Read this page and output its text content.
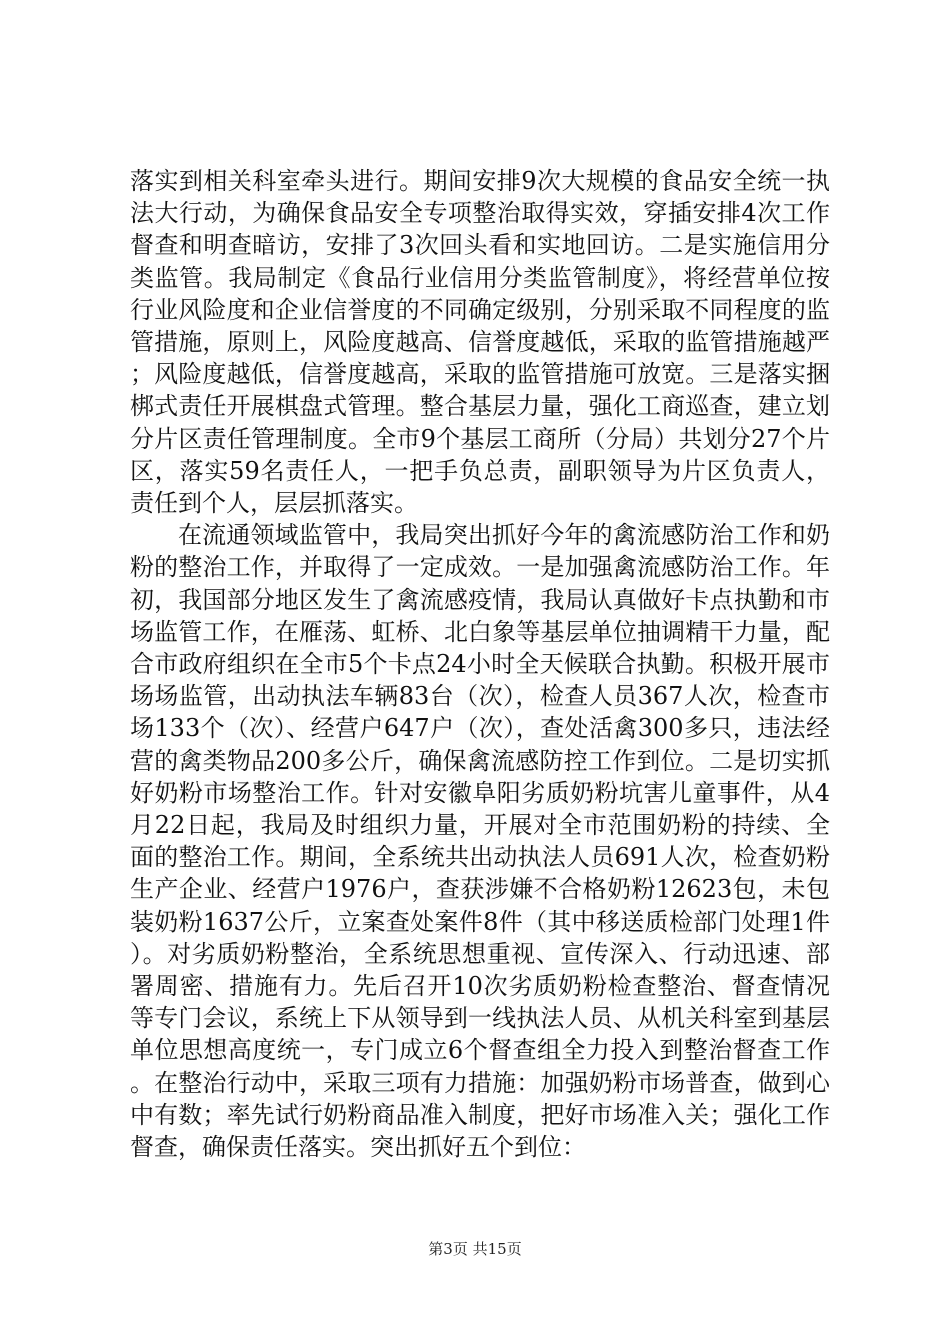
落实到相关科室牵头进行。期间安排9次大规模的食品安全统一执法大行动，为确保食品安全专项整治取得实效，穿插安排4次工作督查和明查暗访，安排了3次回头看和实地回访。二是实施信用分类监管。我局制定《食品行业信用分类监管制度》，将经营单位按行业风险度和企业信誉度的不同确定级别，分别采取不同程度的监管措施，原则上，风险度越高、信誉度越低，采取的监管措施越严；风险度越低，信誉度越高，采取的监管措施可放宽。三是落实捆梆式责任开展棋盘式管理。整合基层力量，强化工商巡查，建立划分片区责任管理制度。全市9个基层工商所（分局）共划分27个片区，落实59名责任人，一把手负总责，副职领导为片区负责人，责任到个人，层层抓落实。

在流通领域监管中，我局突出抓好今年的禽流感防治工作和奶粉的整治工作，并取得了一定成效。一是加强禽流感防治工作。年初，我国部分地区发生了禽流感疫情，我局认真做好卡点执勤和市场监管工作，在雁荡、虹桥、北白象等基层单位抽调精干力量，配合市政府组织在全市5个卡点24小时全天候联合执勤。积极开展市场场监管，出动执法车辆83台（次），检查人员367人次，检查市场133个（次）、经营户647户（次），查处活禽300多只，违法经营的禽类物品200多公斤，确保禽流感防控工作到位。二是切实抓好奶粉市场整治工作。针对安徽阜阳劣质奶粉坑害儿童事件，从4月22日起，我局及时组织力量，开展对全市范围奶粉的持续、全面的整治工作。期间，全系统共出动执法人员691人次，检查奶粉生产企业、经营户1976户，查获涉嫌不合格奶粉12623包，未包装奶粉1637公斤，立案查处案件8件（其中移送质检部门处理1件）。对劣质奶粉整治，全系统思想重视、宣传深入、行动迅速、部署周密、措施有力。先后召开10次劣质奶粉检查整治、督查情况等专门会议，系统上下从领导到一线执法人员、从机关科室到基层单位思想高度统一，专门成立6个督查组全力投入到整治督查工作。在整治行动中，采取三项有力措施：加强奶粉市场普查，做到心中有数；率先试行奶粉商品准入制度，把好市场准入关；强化工作督查，确保责任落实。突出抓好五个到位：

第3页 共15页
